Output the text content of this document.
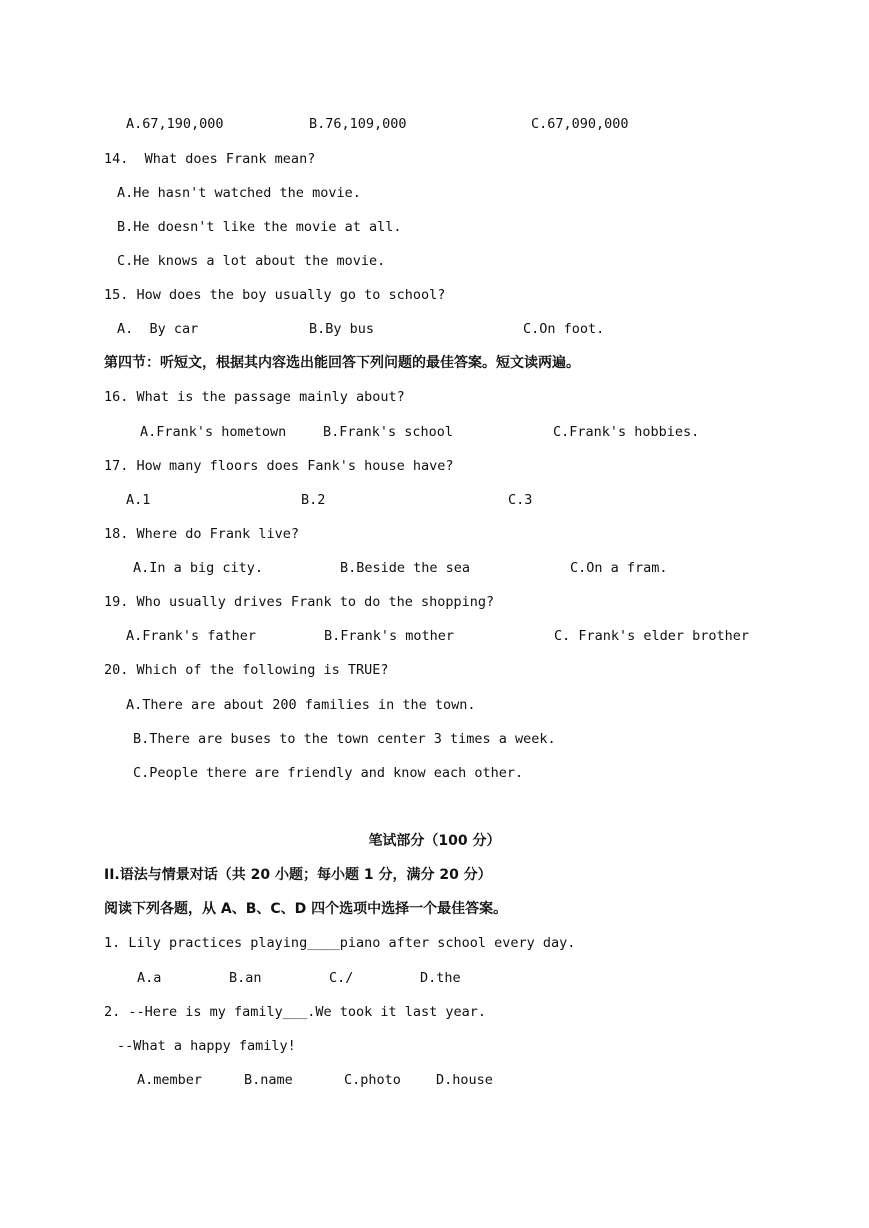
A.67,190,000	B.76,109,000	C.67,090,000
14.  What does Frank mean?
A.He hasn't watched the movie.
B.He doesn't like the movie at all.
C.He knows a lot about the movie.
15. How does the boy usually go to school?
A.  By car	B.By bus	C.On foot.
第四节：听短文，根据其内容选出能回答下列问题的最佳答案。短文读两遍。
16. What is the passage mainly about?
A.Frank's hometown	B.Frank's school	C.Frank's hobbies.
17. How many floors does Fank's house have?
A.1	B.2	C.3
18. Where do Frank live?
A.In a big city.	B.Beside the sea	C.On a fram.
19. Who usually drives Frank to do the shopping?
A.Frank's father	B.Frank's mother	C. Frank's elder brother
20. Which of the following is TRUE?
A.There are about 200 families in the town.
B.There are buses to the town center 3 times a week.
C.People there are friendly and know each other.
笔试部分（100 分）
II.语法与情景对话（共 20 小题；每小题 1 分，满分 20 分）
阅读下列各题，从 A、B、C、D 四个选项中选择一个最佳答案。
1. Lily practices playing____piano after school every day.
A.a	B.an	C./	D.the
2. --Here is my family___.We took it last year.
--What a happy family!
A.member	B.name	C.photo	D.house
